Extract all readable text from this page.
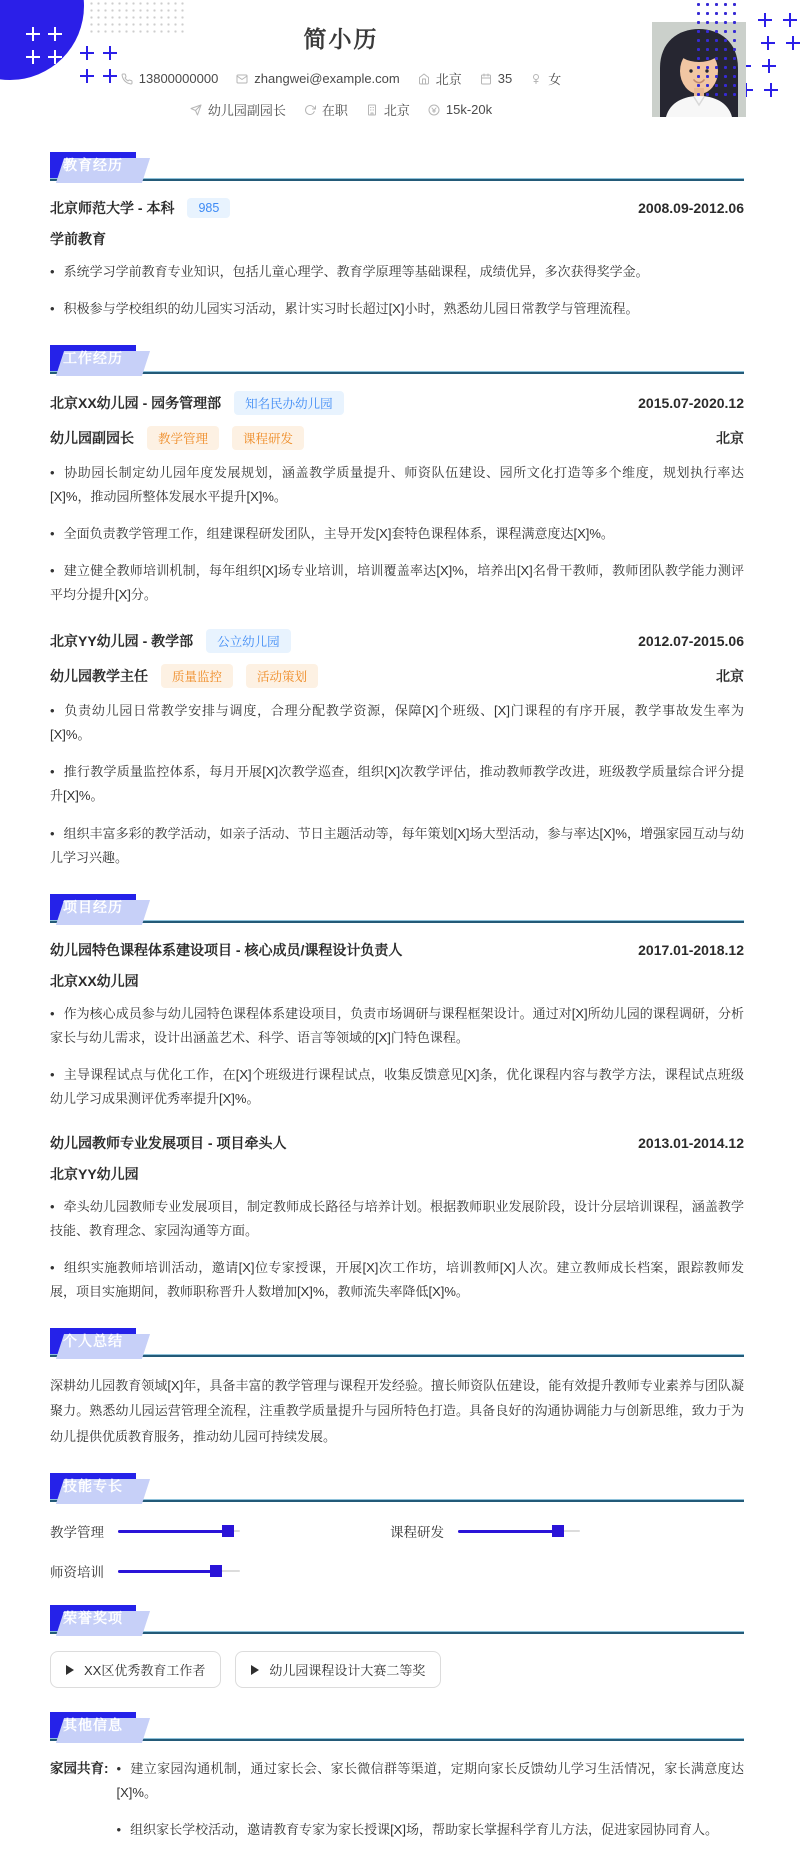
简小历
13800000000	zhangwei@example.com	北京	35	女
幼儿园副园长	在职	北京	15k-20k
教育经历
北京师范大学 - 本科	985	2008.09-2012.06
学前教育

• 系统学习学前教育专业知识，包括儿童心理学、教育学原理等基础课程，成绩优异，多次获得奖学金。

• 积极参与学校组织的幼儿园实习活动，累计实习时长超过[X]小时，熟悉幼儿园日常教学与管理流程。

工作经历
北京XX幼儿园 - 园务管理部	知名民办幼儿园	2015.07-2020.12
幼儿园副园长	教学管理	课程研发	北京

• 协助园长制定幼儿园年度发展规划，涵盖教学质量提升、师资队伍建设、园所文化打造等多个维度，规划执行率达[X]%，推动园所整体发展水平提升[X]%。

• 全面负责教学管理工作，组建课程研发团队，主导开发[X]套特色课程体系，课程满意度达[X]%。

• 建立健全教师培训机制，每年组织[X]场专业培训，培训覆盖率达[X]%，培养出[X]名骨干教师，教师团队教学能力测评平均分提升[X]分。

北京YY幼儿园 - 教学部	公立幼儿园	2012.07-2015.06
幼儿园教学主任	质量监控	活动策划	北京

• 负责幼儿园日常教学安排与调度，合理分配教学资源，保障[X]个班级、[X]门课程的有序开展，教学事故发生率为[X]%。

• 推行教学质量监控体系，每月开展[X]次教学巡查，组织[X]次教学评估，推动教师教学改进，班级教学质量综合评分提升[X]%。

• 组织丰富多彩的教学活动，如亲子活动、节日主题活动等，每年策划[X]场大型活动，参与率达[X]%，增强家园互动与幼儿学习兴趣。

项目经历
幼儿园特色课程体系建设项目 - 核心成员/课程设计负责人	2017.01-2018.12
北京XX幼儿园

• 作为核心成员参与幼儿园特色课程体系建设项目，负责市场调研与课程框架设计。通过对[X]所幼儿园的课程调研，分析家长与幼儿需求，设计出涵盖艺术、科学、语言等领域的[X]门特色课程。

• 主导课程试点与优化工作，在[X]个班级进行课程试点，收集反馈意见[X]条，优化课程内容与教学方法，课程试点班级幼儿学习成果测评优秀率提升[X]%。

幼儿园教师专业发展项目 - 项目牵头人	2013.01-2014.12
北京YY幼儿园

• 牵头幼儿园教师专业发展项目，制定教师成长路径与培养计划。根据教师职业发展阶段，设计分层培训课程，涵盖教学技能、教育理念、家园沟通等方面。

• 组织实施教师培训活动，邀请[X]位专家授课，开展[X]次工作坊，培训教师[X]人次。建立教师成长档案，跟踪教师发展，项目实施期间，教师职称晋升人数增加[X]%，教师流失率降低[X]%。

个人总结

深耕幼儿园教育领域[X]年，具备丰富的教学管理与课程开发经验。擅长师资队伍建设，能有效提升教师专业素养与团队凝聚力。熟悉幼儿园运营管理全流程，注重教学质量提升与园所特色打造。具备良好的沟通协调能力与创新思维，致力于为幼儿提供优质教育服务，推动幼儿园可持续发展。

技能专长
教学管理	课程研发
师资培训
荣誉奖项
XX区优秀教育工作者	幼儿园课程设计大赛二等奖
其他信息
家园共育:	• 建立家园沟通机制，通过家长会、家长微信群等渠道，定期向家长反馈幼儿学习生活情况，家长满意度达[X]%。

• 组织家长学校活动，邀请教育专家为家长授课[X]场，帮助家长掌握科学育儿方法，促进家园协同育人。
